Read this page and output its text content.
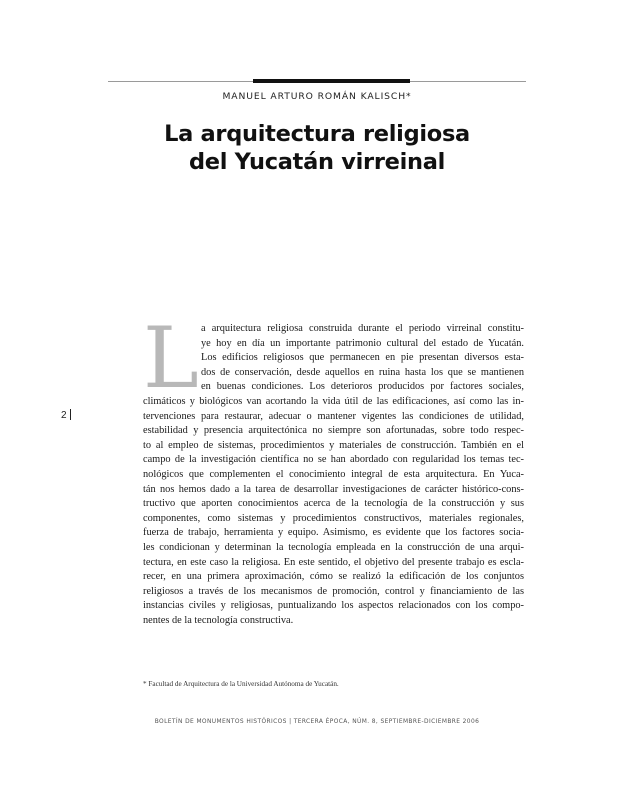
MANUEL ARTURO ROMÁN KALISCH*
La arquitectura religiosa
del Yucatán virreinal
2
L a arquitectura religiosa construida durante el periodo virreinal constitu-
ye hoy en día un importante patrimonio cultural del estado de Yucatán.
Los edificios religiosos que permanecen en pie presentan diversos esta-
dos de conservación, desde aquellos en ruina hasta los que se mantienen
en buenas condiciones. Los deterioros producidos por factores sociales,
climáticos y biológicos van acortando la vida útil de las edificaciones, así como las in-
tervenciones para restaurar, adecuar o mantener vigentes las condiciones de utilidad,
estabilidad y presencia arquitectónica no siempre son afortunadas, sobre todo respec-
to al empleo de sistemas, procedimientos y materiales de construcción. También en el
campo de la investigación científica no se han abordado con regularidad los temas tec-
nológicos que complementen el conocimiento integral de esta arquitectura. En Yuca-
tán nos hemos dado a la tarea de desarrollar investigaciones de carácter histórico-cons-
tructivo que aporten conocimientos acerca de la tecnología de la construcción y sus
componentes, como sistemas y procedimientos constructivos, materiales regionales,
fuerza de trabajo, herramienta y equipo. Asimismo, es evidente que los factores socia-
les condicionan y determinan la tecnología empleada en la construcción de una arqui-
tectura, en este caso la religiosa. En este sentido, el objetivo del presente trabajo es escla-
recer, en una primera aproximación, cómo se realizó la edificación de los conjuntos
religiosos a través de los mecanismos de promoción, control y financiamiento de las
instancias civiles y religiosas, puntualizando los aspectos relacionados con los compo-
nentes de la tecnología constructiva.
* Facultad de Arquitectura de la Universidad Autónoma de Yucatán.
BOLETÍN DE MONUMENTOS HISTÓRICOS | TERCERA ÉPOCA, NÚM. 8, SEPTIEMBRE-DICIEMBRE 2006
